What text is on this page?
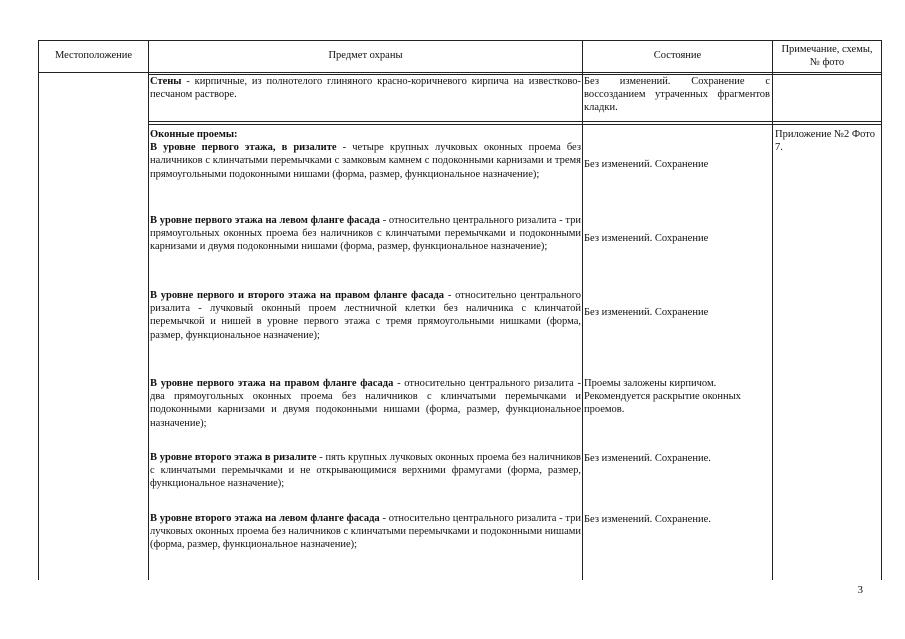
Местоположение	Предмет охраны	Состояние
Примечание, схемы, № фото
Стены - кирпичные, из полнотелого глиняного красно-коричневого кирпича на известково-песчаном растворе.
Без изменений. Сохранение с воссозданием утраченных фрагментов кладки.
Оконные проемы:
В уровне первого этажа, в ризалите - четыре крупных лучковых оконных проема без наличников с клинчатыми перемычками с замковым камнем с подоконными карнизами и тремя прямоугольными подоконными нишами (форма, размер, функциональное назначение);
Без изменений. Сохранение
Приложение №2 Фото 7.
В уровне первого этажа на левом фланге фасада - относительно центрального ризалита - три прямоугольных оконных проема без наличников с клинчатыми перемычками и подоконными карнизами и двумя подоконными нишами (форма, размер, функциональное назначение);
Без изменений. Сохранение
В уровне первого и второго этажа на правом фланге фасада - относительно центрального ризалита - лучковый оконный проем лестничной клетки без наличника с клинчатой перемычкой и нишей в уровне первого этажа с тремя прямоугольными нишками (форма, размер, функциональное назначение);
Без изменений. Сохранение
В уровне первого этажа на правом фланге фасада - относительно центрального ризалита - два прямоугольных оконных проема без наличников с клинчатыми перемычками и подоконными карнизами и двумя подоконными нишами (форма, размер, функциональное назначение);
Проемы заложены кирпичом. Рекомендуется раскрытие оконных проемов.
В уровне второго этажа в ризалите - пять крупных лучковых оконных проема без наличников с клинчатыми перемычками и не открывающимися верхними фрамугами (форма, размер, функциональное назначение);
Без изменений. Сохранение.
В уровне второго этажа на левом фланге фасада - относительно центрального ризалита - три лучковых оконных проема без наличников с клинчатыми перемычками и подоконными нишами (форма, размер, функциональное назначение);
Без изменений. Сохранение.
3
